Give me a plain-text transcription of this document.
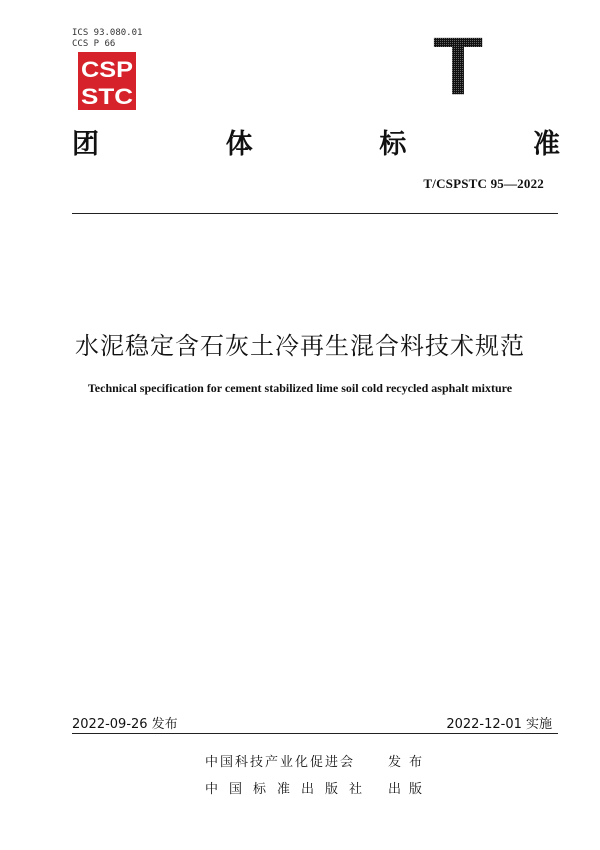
ICS 93.080.01
CCS P 66
CSP
STC	T
团	体	标	准
T/CSPSTC 95—2022
水泥稳定含石灰土冷再生混合料技术规范
Technical specification for cement stabilized lime soil cold recycled asphalt mixture
2022-09-26 发布	2022-12-01 实施
中国科技产业化促进会	发布
中国标准出版社	出版
